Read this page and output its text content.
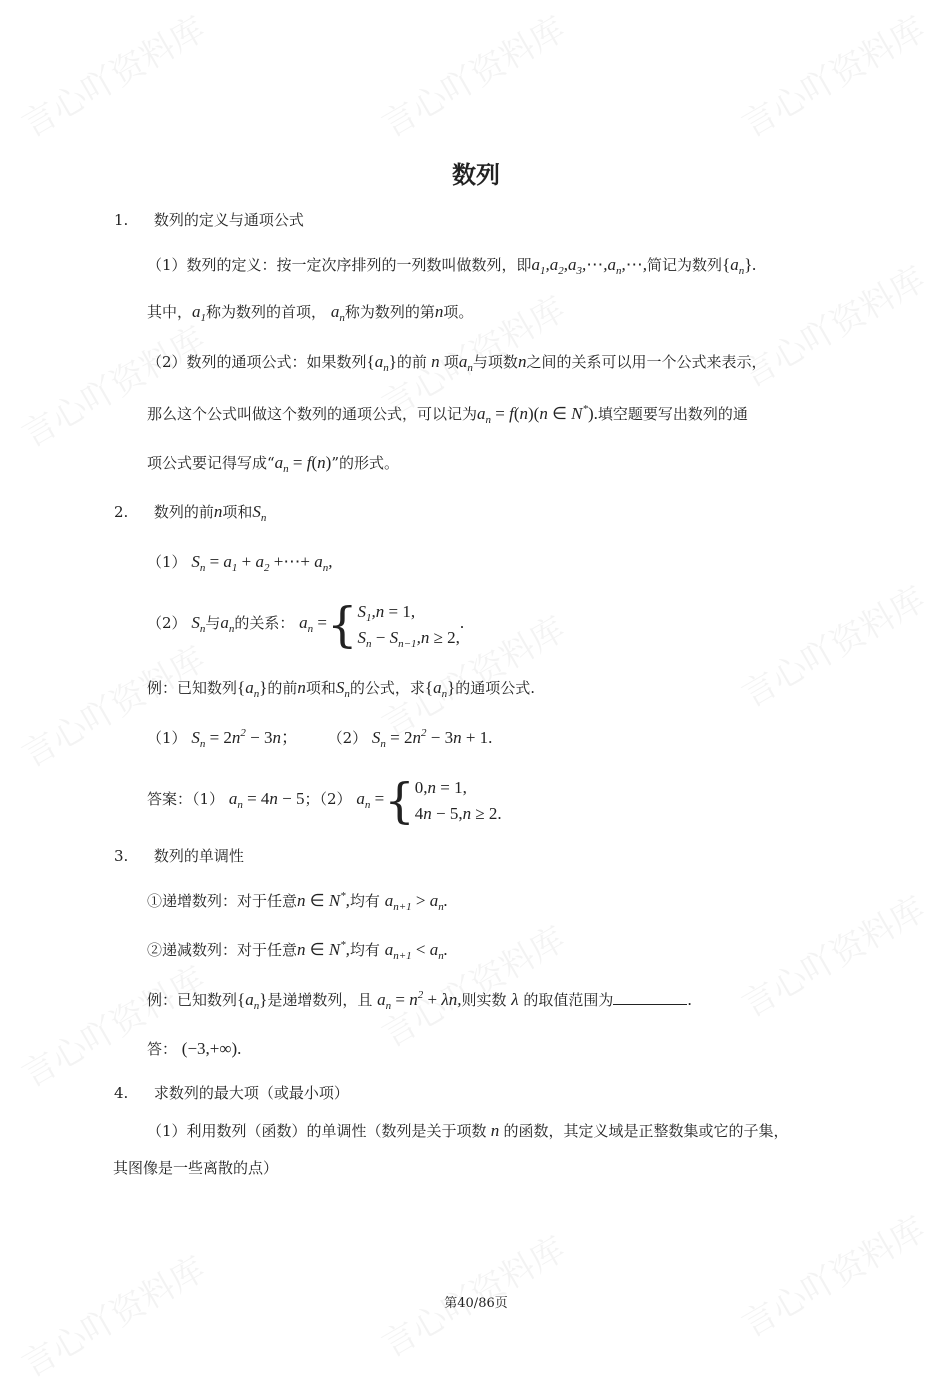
数列
1. 数列的定义与通项公式
（1）数列的定义：按一定次序排列的一列数叫做数列，即$a_1,a_2,a_3,\cdots,a_n,\cdots$,简记为数列$\{a_n\}$.
其中，$a_1$称为数列的首项， $a_n$称为数列的第n项。
（2）数列的通项公式：如果数列$\{a_n\}$的前 n 项$a_n$与项数n之间的关系可以用一个公式来表示，
那么这个公式叫做这个数列的通项公式，可以记为$a_n = f(n)(n$ ∈ N*).填空题要写出数列的通
项公式要记得写成“$a_n = f(n)$”的形式。
2. 数列的前n项和$S_n$
（1） $S_n = a_1 + a_2$ +⋯+ $a_n$,
（2） $S_n$与$a_n$的关系： $a_n$ ={ $S_1,n = 1$,
$S_n - S_{n-1},n \ge 2$,
.
例：已知数列$\{a_n\}$的前n项和$S_n$的公式，求$\{a_n\}$的通项公式.
（1） $S_n = 2n^2 - 3n$； （2） $S_n = 2n^2 - 3n + 1$.
答案：（1） $a_n = 4n - 5$；（2） $a_n$ ={ 0,n = 1,
4n − 5,n ≥ 2.
3. 数列的单调性
①递增数列：对于任意n ∈ N*,均有 $a_{n+1} > a_n$.
②递减数列：对于任意n ∈ N*,均有 $a_{n+1} < a_n$.
例：已知数列$\{a_n\}$是递增数列，且 $a_n = n^2 + \lambda n$,则实数 λ 的取值范围为	.
答： (−3,+∞).
4. 求数列的最大项（或最小项）
（1）利用数列（函数）的单调性（数列是关于项数 n 的函数，其定义域是正整数集或它的子集，
其图像是一些离散的点）
第40/86页
